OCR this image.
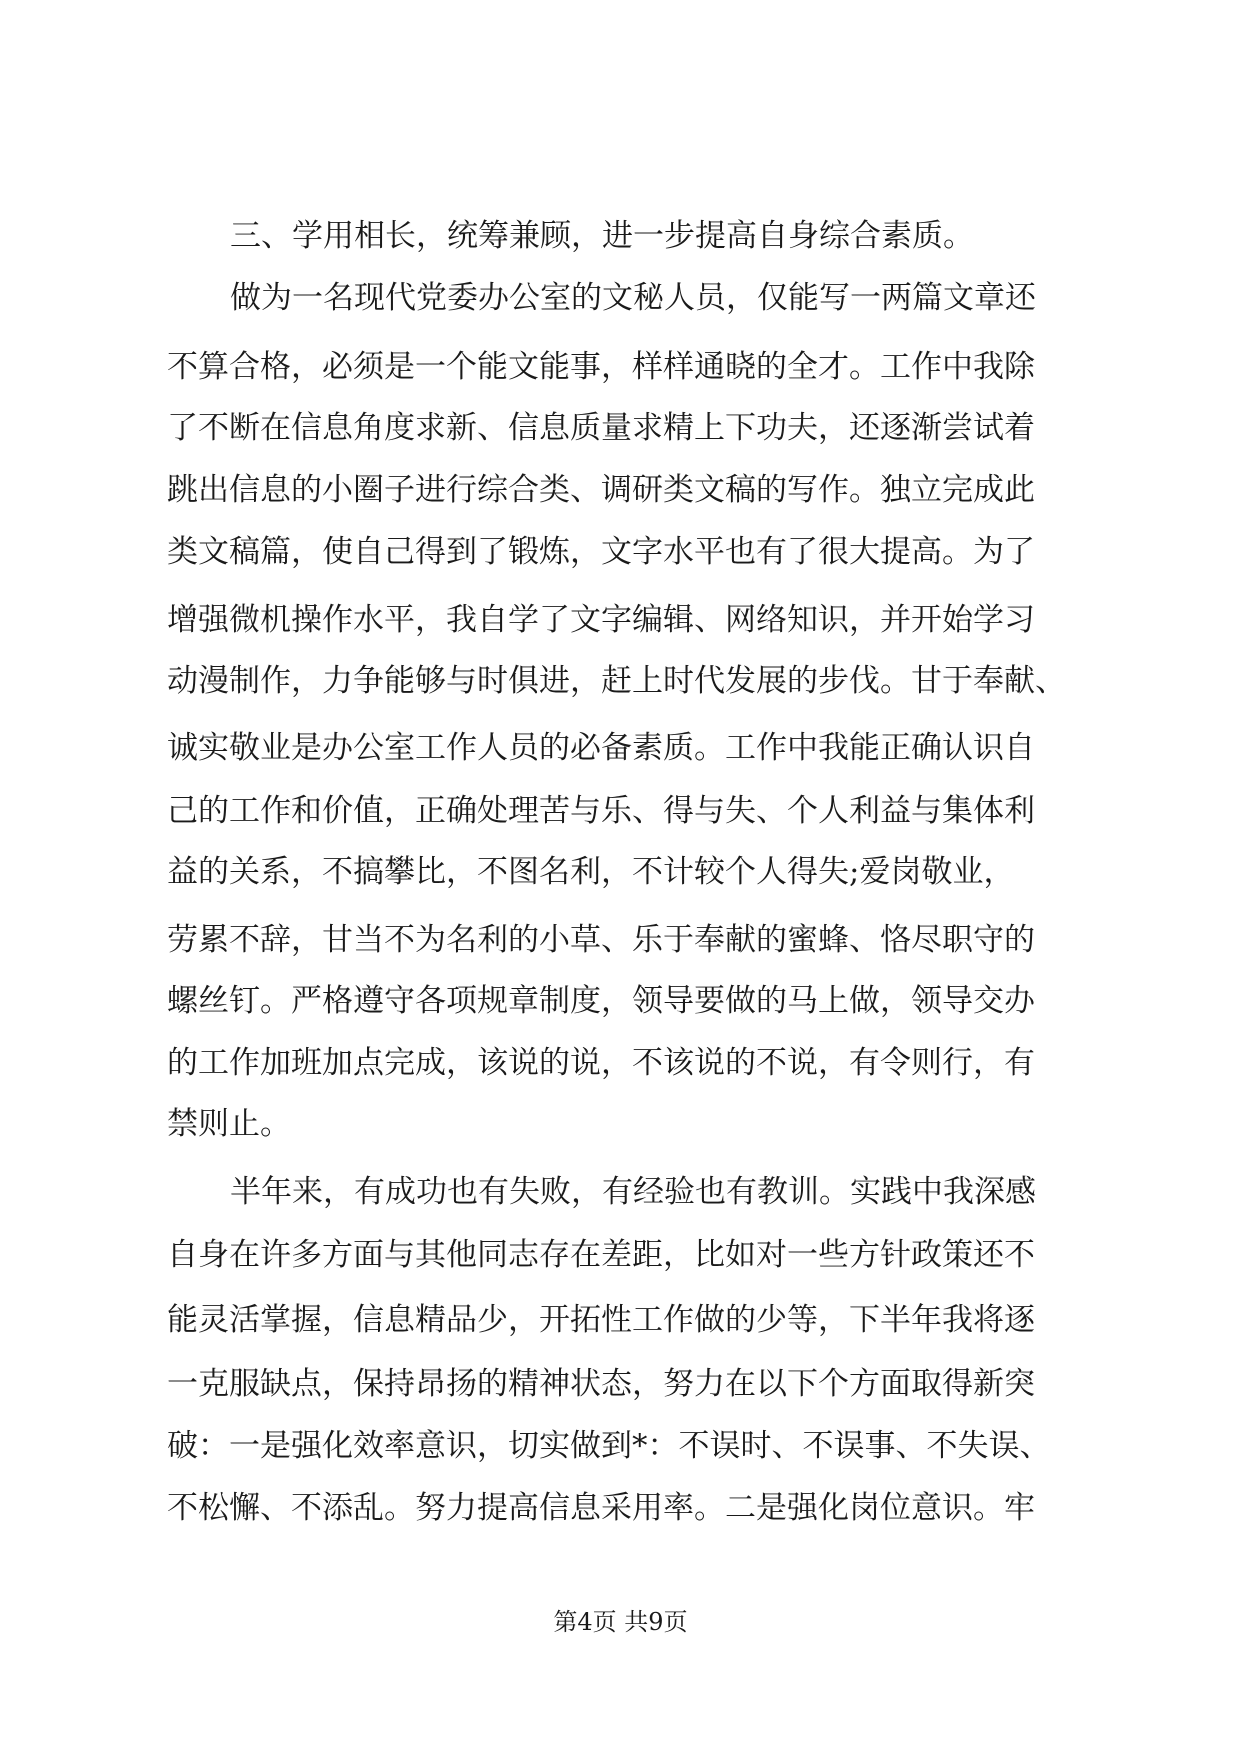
三、学用相长，统筹兼顾，进一步提高自身综合素质。
做为一名现代党委办公室的文秘人员，仅能写一两篇文章还
不算合格，必须是一个能文能事，样样通晓的全才。工作中我除
了不断在信息角度求新、信息质量求精上下功夫，还逐渐尝试着
跳出信息的小圈子进行综合类、调研类文稿的写作。独立完成此
类文稿篇，使自己得到了锻炼，文字水平也有了很大提高。为了
增强微机操作水平，我自学了文字编辑、网络知识，并开始学习
动漫制作，力争能够与时俱进，赶上时代发展的步伐。甘于奉献、
诚实敬业是办公室工作人员的必备素质。工作中我能正确认识自
己的工作和价值，正确处理苦与乐、得与失、个人利益与集体利
益的关系，不搞攀比，不图名利，不计较个人得失;爱岗敬业，
劳累不辞，甘当不为名利的小草、乐于奉献的蜜蜂、恪尽职守的
螺丝钉。严格遵守各项规章制度，领导要做的马上做，领导交办
的工作加班加点完成，该说的说，不该说的不说，有令则行，有
禁则止。
半年来，有成功也有失败，有经验也有教训。实践中我深感
自身在许多方面与其他同志存在差距，比如对一些方针政策还不
能灵活掌握，信息精品少，开拓性工作做的少等，下半年我将逐
一克服缺点，保持昂扬的精神状态，努力在以下个方面取得新突
破：一是强化效率意识，切实做到*：不误时、不误事、不失误、
不松懈、不添乱。努力提高信息采用率。二是强化岗位意识。牢
第4页 共9页
